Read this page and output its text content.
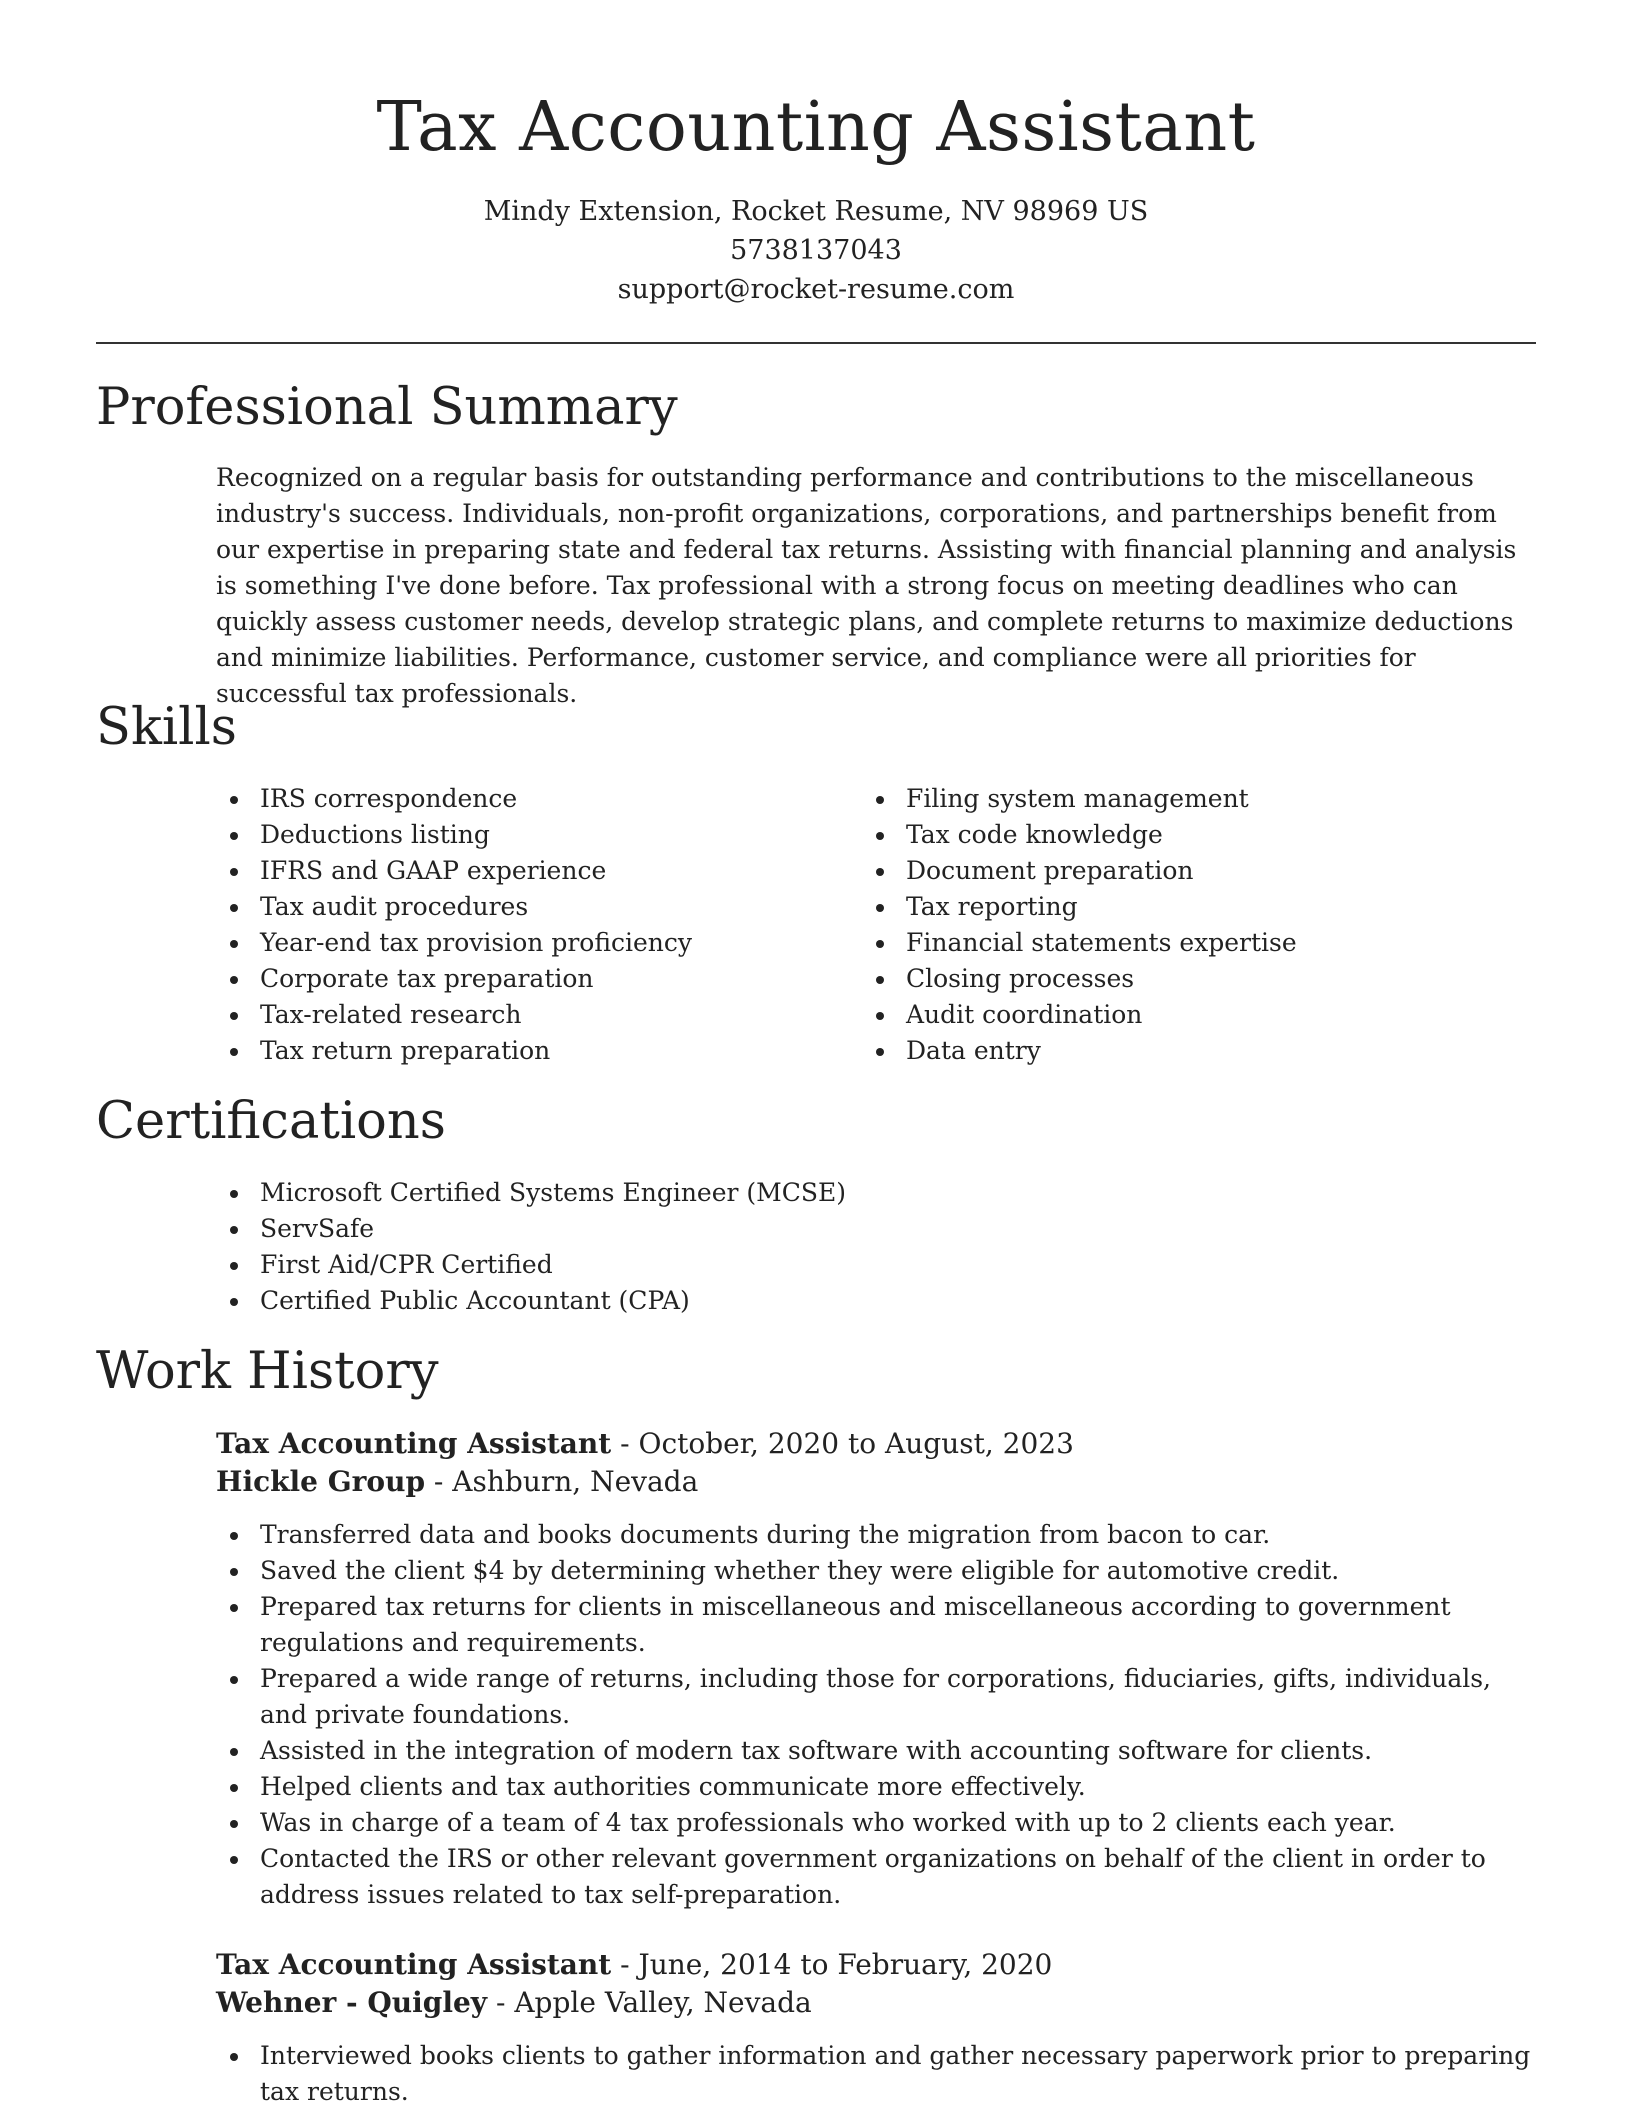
Tax Accounting Assistant
Mindy Extension, Rocket Resume, NV 98969 US
5738137043
support@rocket-resume.com
Professional Summary

Recognized on a regular basis for outstanding performance and contributions to the miscellaneous industry's success. Individuals, non-profit organizations, corporations, and partnerships benefit from our expertise in preparing state and federal tax returns. Assisting with financial planning and analysis is something I've done before. Tax professional with a strong focus on meeting deadlines who can quickly assess customer needs, develop strategic plans, and complete returns to maximize deductions and minimize liabilities. Performance, customer service, and compliance were all priorities for successful tax professionals.

Skills
IRS correspondence
Deductions listing
IFRS and GAAP experience
Tax audit procedures
Year-end tax provision proficiency
Corporate tax preparation
Tax-related research
Tax return preparation
Filing system management
Tax code knowledge
Document preparation
Tax reporting
Financial statements expertise
Closing processes
Audit coordination
Data entry
Certifications
Microsoft Certified Systems Engineer (MCSE)
ServSafe
First Aid/CPR Certified
Certified Public Accountant (CPA)
Work History
Tax Accounting Assistant - October, 2020 to August, 2023
Hickle Group - Ashburn, Nevada
Transferred data and books documents during the migration from bacon to car.
Saved the client $4 by determining whether they were eligible for automotive credit.
Prepared tax returns for clients in miscellaneous and miscellaneous according to government regulations and requirements.
Prepared a wide range of returns, including those for corporations, fiduciaries, gifts, individuals, and private foundations.
Assisted in the integration of modern tax software with accounting software for clients.
Helped clients and tax authorities communicate more effectively.
Was in charge of a team of 4 tax professionals who worked with up to 2 clients each year.
Contacted the IRS or other relevant government organizations on behalf of the client in order to address issues related to tax self-preparation.
Tax Accounting Assistant - June, 2014 to February, 2020
Wehner - Quigley - Apple Valley, Nevada
Interviewed books clients to gather information and gather necessary paperwork prior to preparing tax returns.
